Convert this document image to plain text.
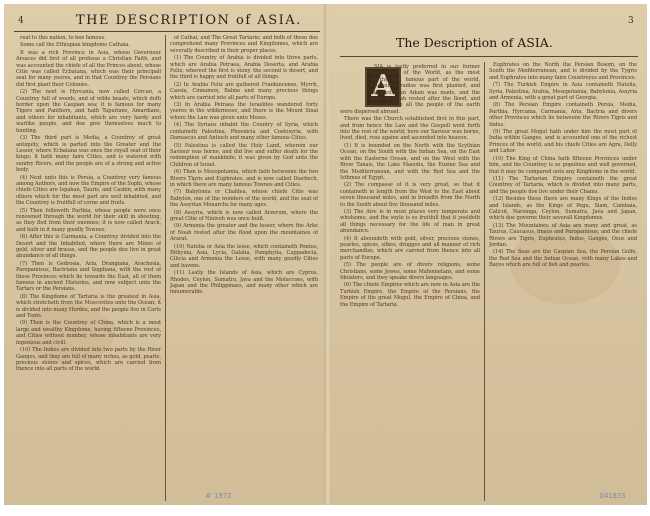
4	THE DESCRIPTION of ASIA.

reat to this nation, to bee famous.

Some call the Ethiopian kingdome Cathaia.

It was a rich Province in Asia, whose Governour Arsaces did first of all professe a Christian Faith, and was accounted the chiefe of all the Princes about, whose Citie was called Ecbatana, which was their principall seat for many yeeres, and in that Countrey the Persians did first plant their Colonies.

(2) The next is Hyrcania, now called Corcan, a Countrey full of woods, and of wilde beasts, which doth border upon the Caspian sea; it is famous for many Tigers and Panthers, and hath Tapurians, Amardians, and others for inhabitants, which are very hardy and warlike people, and doe give themselves much to hunting.

(3) The third part is Media, a Countrey of great antiquity, which is parted into the Greater and the Lesser, where Ecbatana was once the royall seat of their kings; it hath many faire Cities, and is watered with sundry Rivers, and the people are of a strong and active body.

(4) Next unto this is Persia, a Countrey very famous among Authors, and now the Empire of the Sophi, whose chiefe Cities are Ispahan, Tauris, and Casbin, with many others which for the most part are well inhabited, and the Countrey is fruitfull of corne and fruits.

(5) Then followeth Parthia, whose people were once renowned through the world for their skill in shooting, as they fled from their enemies; it is now called Arach, and hath in it many goodly Townes.

(6) After this is Carmania, a Countrey divided into the Desert and the Inhabited, where there are Mines of gold, silver and brasse, and the people doe live in great abundance of all things.

(7) Then is Gedrosia, Aria, Drangiana, Arachosia, Paropamisus, Bactriana and Sogdiana, with the rest of these Provinces which lie towards the East, all of them famous in ancient Histories, and now subject unto the Tartars or the Persians.

(8) The Kingdome of Tartaria is the greatest in Asia, which stretcheth from the Muscovites unto the Ocean; it is divided into many Hordes, and the people live in Carts and Tents.

(9) Then is the Countrey of China, which is a most large and wealthy Kingdome, having fifteene Provinces, and Cities without number, whose inhabitants are very ingenious and civill.

(10) The Indies are divided into two parts by the River Ganges, and they are full of many riches, as gold, pearle, precious stones and spices, which are carried from thence into all parts of the world.

of Cathai, and The Great Tartarie; and both of these doe comprehend many Provinces and Kingdomes, which are severally described in their proper places.

(1) The Country of Arabia is divided into three parts, which are Arabia Petraea, Arabia Deserta, and Arabia Felix; whereof the first is stony, the second is desert, and the third is happy and fruitfull of all things.

(2) In Arabia Felix are gathered Frankincense, Myrrh, Cassia, Cinnamon, Balme and many precious things which are carried into all parts of Europe.

(3) In Arabia Petraea the Israelites wandered forty yeeres in the wildernesse, and there is the Mount Sinai where the Law was given unto Moses.

(4) The Syrians inhabit the Country of Syria, which containeth Palestina, Phoenicia and Coelosyria, with Damascus and Antioch and many other famous Cities.

(5) Palestina is called the Holy Land, wherein our Saviour was borne, and did live and suffer death for the redemption of mankinde; it was given by God unto the Children of Israel.

(6) Then is Mesopotamia, which lieth betweene the two Rivers Tigris and Euphrates, and is now called Diarbech, in which there are many famous Townes and Cities.

(7) Babylonia or Chaldea, whose chiefe Citie was Babylon, one of the wonders of the world, and the seat of the Assyrian Monarchs for many ages.

(8) Assyria, which is now called Arzerum, where the great Citie of Niniveh was once built.

(9) Armenia the greater and the lesser, where the Arke of Noah rested after the flood upon the mountaines of Ararat.

(10) Natolia or Asia the lesse, which containeth Pontus, Bithynia, Asia, Lycia, Galatia, Pamphylia, Cappadocia, Cilicia and Armenia the Lesse, with many goodly Cities and havens.

(11) Lastly the Islands of Asia, which are Cyprus, Rhodes, Ceylon, Sumatra, Java and the Moluccoes, with Japan and the Philippinaes, and many other which are innumerable.

3
The Description of ASIA.
A

SIA is justly preferred in our former Description of the World, as the most worthy and famous part of the world, wherein Paradise was first planted, and the first man Adam was made, and the Arke of Noah rested after the flood, and from thence all the people of the earth were dispersed abroad.

There was the Church established first in this part, and from hence the Law and the Gospell went forth into the rest of the world; here our Saviour was borne, lived, died, rose againe and ascended into heaven.

(1) It is bounded on the North with the Scythian Ocean, on the South with the Indian Sea, on the East with the Easterne Ocean, and on the West with the River Tanais, the Lake Maeotis, the Euxine Sea and the Mediterranean, and with the Red Sea and the Isthmus of Egypt.

(2) The compasse of it is very great, so that it containeth in length from the West to the East about seven thousand miles, and in breadth from the North to the South about five thousand miles.

(3) The Aire is in most places very temperate and wholsome, and the soyle is so fruitfull that it yeeldeth all things necessary for the life of man in great abundance.

(4) It aboundeth with gold, silver, precious stones, pearles, spices, silkes, drugges and all manner of rich merchandize, which are carried from thence into all parts of Europe.

(5) The people are of divers religions, some Christians, some Jewes, some Mahometans, and some Idolaters, and they speake divers languages.

(6) The chiefe Empires which are now in Asia are the Turkish Empire, the Empire of the Persians, the Empire of the great Mogul, the Empire of China, and the Empire of Tartaria.

Euphrates on the North the Persian Bosom, on the South the Mediterranean, and is divided by the Tygris and Euphrates into many faire Countreyes and Provinces.

(7) The Turkish Empire in Asia containeth Natolia, Syria, Palestina, Arabia, Mesopotamia, Babylonia, Assyria and Armenia, with a great part of Georgia.

(8) The Persian Empire containeth Persia, Media, Parthia, Hyrcania, Carmania, Aria, Bactria and divers other Provinces which lie betweene the Rivers Tigris and Indus.

(9) The great Mogul hath under him the most part of India within Ganges, and is accounted one of the richest Princes of the world, and his chiefe Cities are Agra, Delly and Lahor.

(10) The King of China hath fifteene Provinces under him, and his Countrey is so populous and well governed, that it may be compared unto any Kingdome in the world.

(11) The Tartarian Empire containeth the great Countrey of Tartaria, which is divided into many parts, and the people doe live under their Chams.

(12) Besides these there are many Kings of the Indies and Islands, as the Kings of Pegu, Siam, Cambaia, Calicut, Narsinga, Ceylon, Sumatra, Java and Japan, which doe governe their severall Kingdomes.

(13) The Mountaines of Asia are many and great, as Taurus, Caucasus, Imaus and Paropamisus; and the chiefe Rivers are Tigris, Euphrates, Indus, Ganges, Oxus and Jordan.

(14) The Seas are the Caspian Sea, the Persian Gulfe, the Red Sea and the Indian Ocean, with many Lakes and Bayes which are full of fish and pearles.

# 1972	D41833
